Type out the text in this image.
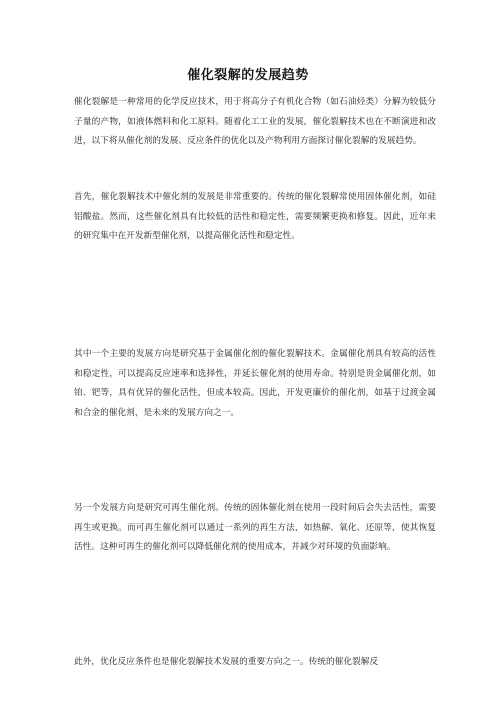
催化裂解的发展趋势

催化裂解是一种常用的化学反应技术，用于将高分子有机化合物（如石油烃类）分解为较低分子量的产物，如液体燃料和化工原料。随着化工工业的发展，催化裂解技术也在不断演进和改进，以下将从催化剂的发展、反应条件的优化以及产物利用方面探讨催化裂解的发展趋势。

首先，催化裂解技术中催化剂的发展是非常重要的。传统的催化裂解常使用固体催化剂，如硅铝酸盐。然而，这些催化剂具有比较低的活性和稳定性，需要频繁更换和修复。因此，近年来的研究集中在开发新型催化剂，以提高催化活性和稳定性。

其中一个主要的发展方向是研究基于金属催化剂的催化裂解技术。金属催化剂具有较高的活性和稳定性，可以提高反应速率和选择性，并延长催化剂的使用寿命。特别是贵金属催化剂，如铂、钯等，具有优异的催化活性，但成本较高。因此，开发更廉价的催化剂，如基于过渡金属和合金的催化剂，是未来的发展方向之一。

另一个发展方向是研究可再生催化剂。传统的固体催化剂在使用一段时间后会失去活性，需要再生或更换。而可再生催化剂可以通过一系列的再生方法，如热解、氧化、还原等，使其恢复活性。这种可再生的催化剂可以降低催化剂的使用成本，并减少对环境的负面影响。

此外，优化反应条件也是催化裂解技术发展的重要方向之一。传统的催化裂解反
